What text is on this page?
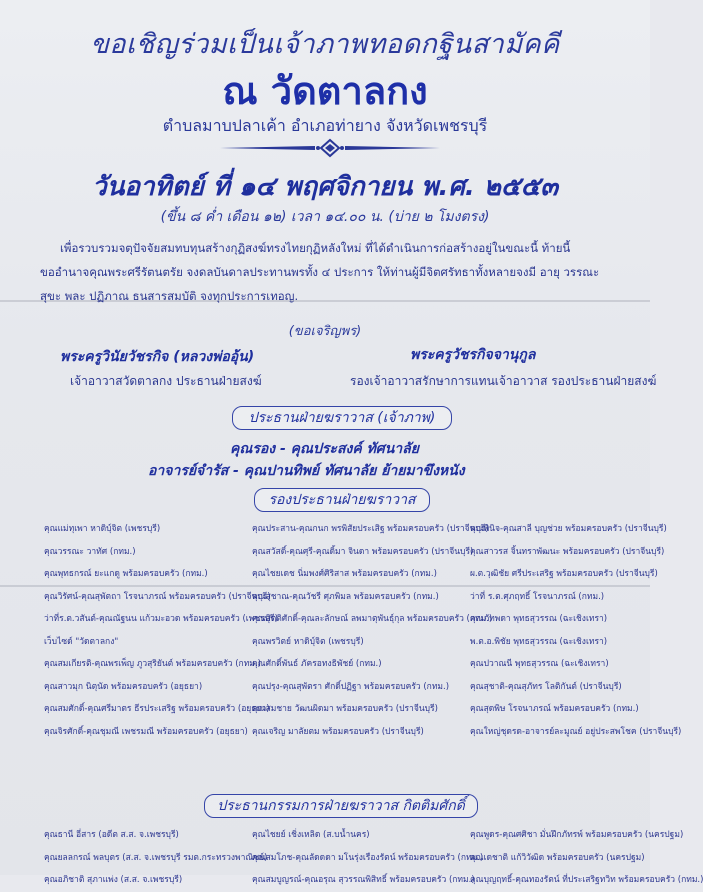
ขอเชิญร่วมเป็นเจ้าภาพทอดกฐินสามัคคี
ณ วัดตาลกง
ตำบลมาบปลาเค้า อำเภอท่ายาง จังหวัดเพชรบุรี
วันอาทิตย์ ที่ ๑๔ พฤศจิกายน พ.ศ. ๒๕๕๓
(ขึ้น ๘ ค่ำ เดือน ๑๒) เวลา ๑๔.๐๐ น. (บ่าย ๒ โมงตรง)
เพื่อรวบรวมจตุปัจจัยสมทบทุนสร้างกุฏิสงฆ์ทรงไทยกุฏิหลังใหม่ ที่ได้ดำเนินการก่อสร้างอยู่ในขณะนี้ ท้ายนี้
ขออำนาจคุณพระศรีรัตนตรัย จงดลบันดาลประทานพรทั้ง ๔ ประการ ให้ท่านผู้มีจิตศรัทธาทั้งหลายจงมี อายุ วรรณะ
สุขะ พละ ปฏิภาณ ธนสารสมบัติ จงทุกประการเทอญ.
(ขอเจริญพร)
พระครูวินัยวัชรกิจ (หลวงพ่ออุ้น)
เจ้าอาวาสวัดตาลกง ประธานฝ่ายสงฆ์
พระครูวัชรกิจจานุกูล
รองเจ้าอาวาสรักษาการแทนเจ้าอาวาส รองประธานฝ่ายสงฆ์
ประธานฝ่ายฆราวาส (เจ้าภาพ)
คุณรอง - คุณประสงค์ ทัศนาลัย
อาจารย์จำรัส - คุณปานทิพย์ ทัศนาลัย ย้ายมาขึงหนัง
รองประธานฝ่ายฆราวาส
คุณแม่ทุเพา หาดิบุ์จิต (เพชรบุรี)
คุณวรรณะ วาทัศ (กทม.)
คุณพุทธกรณ์ ยะแกดู พร้อมครอบครัว (กทม.)
คุณวิรัศน์-คุณสุพัตถา โรจนาภรณ์ พร้อมครอบครัว (ปราจีนบุรี)
ว่าที่ร.ต.วสันต์-คุณณัฐนน แก้วมะอวด พร้อมครอบครัว (เพชรบุรี)
เว็บไซด์ "วัดตาลกง"
คุณสมเกียรติ-คุณพรเพ็ญ ภูวสุริยันต์ พร้อมครอบครัว (กทม.)
คุณสาวมุก นิตุนัด พร้อมครอบครัว (อยุธยา)
คุณสมศักดิ์-คุณศรีมาตร ธีรประเสริฐ พร้อมครอบครัว (อยุธยา)
คุณจิรศักดิ์-คุณชุมณี เพชรมณี พร้อมครอบครัว (อยุธยา)
คุณประสาน-คุณกนก พรพิสัยประเสิฐ พร้อมครอบครัว (ปราจีนบุรี)
คุณสวัสดิ์-คุณศุรี-คุณดิ้มา จินดา พร้อมครอบครัว (ปราจีนบุรี)
คุณไชยเดช นิ่มพงศ์ศิริสาส พร้อมครอบครัว (กทม.)
คุณสุชาณ-คุณวัชรี ศุภพิมล พร้อมครอบครัว (กทม.)
คุณสิตติศักดิ์-คุณละลักษณ์ ลพมาตุพันธุ์กุล พร้อมครอบครัว (กทม.)
คุณพรวิตย์ หาดิบุ์จิต (เพชรบุรี)
คุณศักดิ์พันธ์ ภัครอทงธิพัชย์ (กทม.)
คุณปรุง-คุณสุพัตรา ศักดิ์ปฏิฐา พร้อมครอบครัว (กทม.)
คุณสมชาย วัฒนผิดมา พร้อมครอบครัว (ปราจีนบุรี)
คุณเจริญ มาลัยตม พร้อมครอบครัว (ปราจีนบุรี)
คุณพินิจ-คุณสาลี บุญช่วย พร้อมครอบครัว (ปราจีนบุรี)
คุณสาวรส จิ้นทราพัฒนะ พร้อมครอบครัว (ปราจีนบุรี)
ผ.ต.วุฒิชัย ศรีประเสริฐ พร้อมครอบครัว (ปราจีนบุรี)
ว่าที่ ร.ต.ศุภฤทธิ์ โรจนาภรณ์ (กทม.)
คุณภัทพดา พุทธสุวรรณ (ฉะเชิงเทรา)
พ.ต.อ.พิชัย พุทธสุวรรณ (ฉะเชิงเทรา)
คุณปวาณนี พุทธสุวรรณ (ฉะเชิงเทรา)
คุณสุชาติ-คุณสุภัทร โลติกันต์ (ปราจีนบุรี)
คุณสุดพิษ โรจนาภรณ์ พร้อมครอบครัว (กทม.)
คุณใหญ่ชุดรด-อาจารย์ละมูณย์ อยู่ประสพโชค (ปราจีนบุรี)
ประธานกรรมการฝ่ายฆราวาส กิตติมศักดิ์
คุณธานี อี่สาร (อดีต ส.ส. จ.เพชรบุรี)
คุณยลลกรณ์ พลบุตร (ส.ส. จ.เพชรบุรี รมต.กระทรวงพาณิชย์)
คุณอภิชาติ สุภาแพ่ง (ส.ส. จ.เพชรบุรี)
คุณไชยย์ เชิ่งเหลิด (ส.บน้ำนคร)
คุณสมโภช-คุณลัดดดา มโนรุ่งเรืองรัตน์ พร้อมครอบครัว (กทม.)
คุณสมบูญรณ์-คุณอรุณ สุวรรณพิสิทธิ์ พร้อมครอบครัว (กทม.)
คุณพูดร-คุณศศิชา มั่นฝึกภัทรพ์ พร้อมครอบครัว (นครปฐม)
คุณเดชาติ แก้วิวัฒิด พร้อมครอบครัว (นครปฐม)
คุณบุญฤทธิ์-คุณทองรัตน์ ที่ประเสริฐทวิท พร้อมครอบครัว (กทม.)
